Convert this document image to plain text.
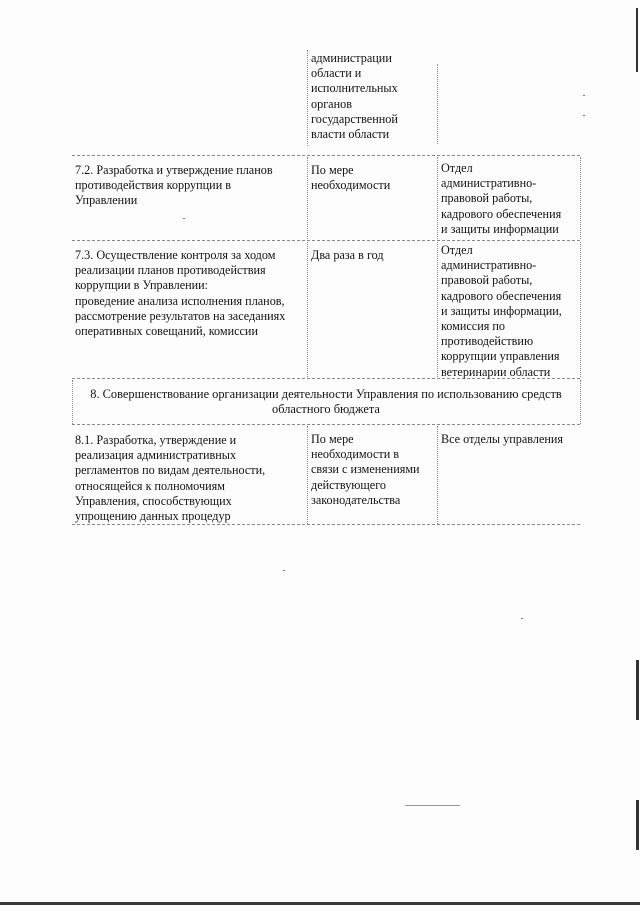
администрации
области и
исполнительных
органов
государственной
власти области
7.2. Разработка и утверждение планов
противодействия коррупции в
Управлении
По мере
необходимости
Отдел
административно-
правовой работы,
кадрового обеспечения
и защиты информации
7.3. Осуществление контроля за ходом
реализации планов противодействия
коррупции в Управлении:
проведение анализа исполнения планов,
рассмотрение результатов на заседаниях
оперативных совещаний, комиссии
Два раза в год	Отдел
административно-
правовой работы,
кадрового обеспечения
и защиты информации,
комиссия по
противодействию
коррупции управления
ветеринарии области
8. Совершенствование организации деятельности Управления по использованию средств
областного бюджета
8.1. Разработка, утверждение и
реализация административных
регламентов по видам деятельности,
относящейся к полномочиям
Управления, способствующих
упрощению данных процедур
По мере
необходимости в
связи с изменениями
действующего
законодательства
Все отделы управления
